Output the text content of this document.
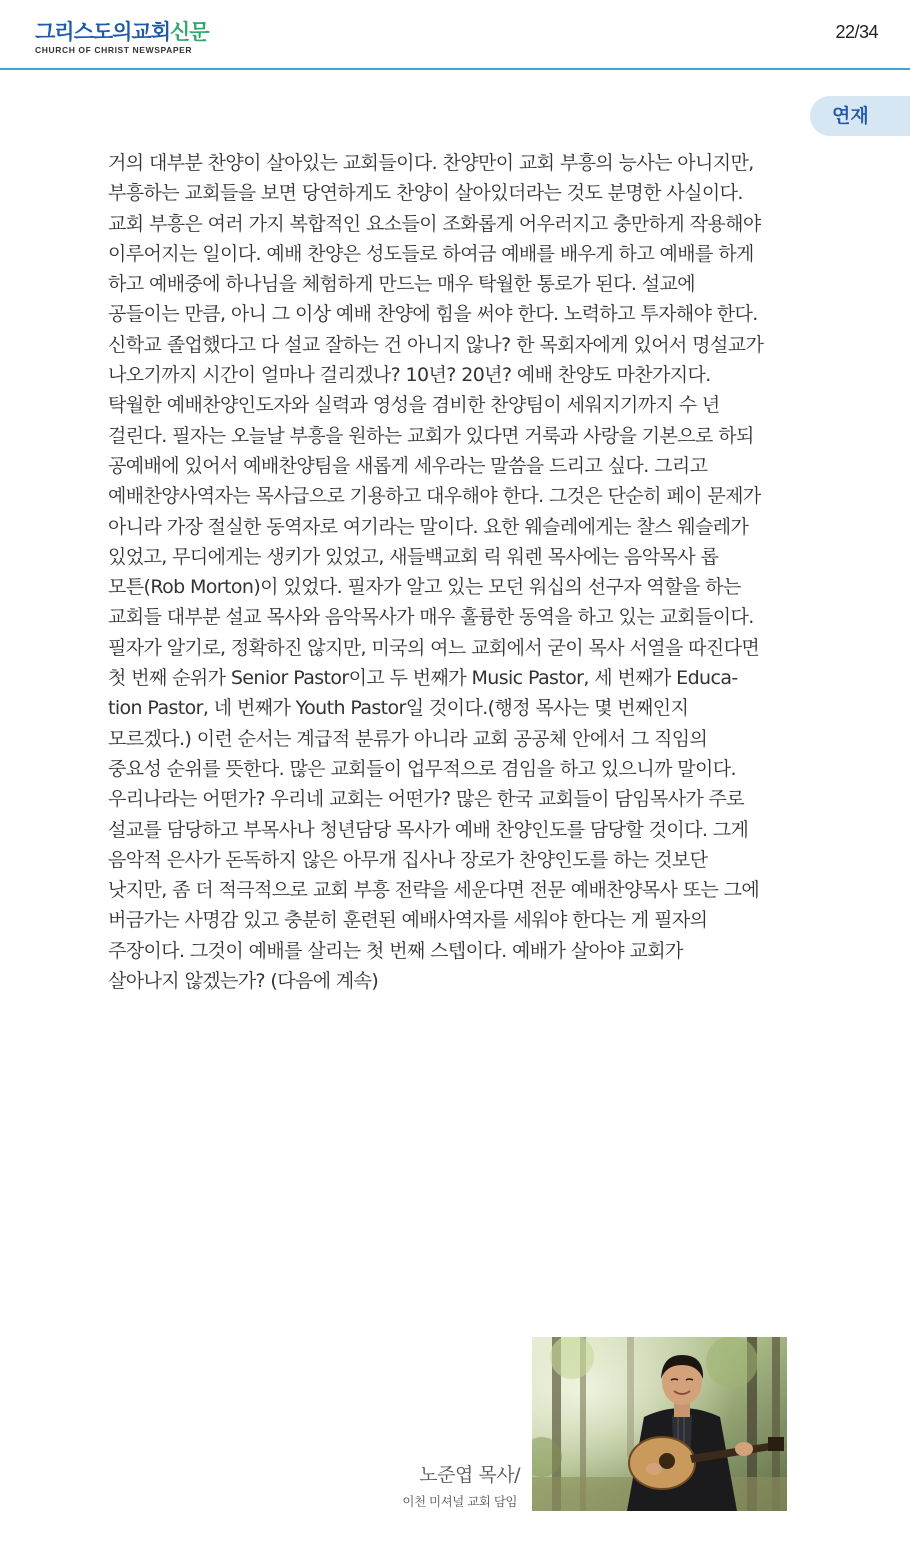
그리스도의교회신문
CHURCH OF CHRIST NEWSPAPER
22/34
연재

거의 대부분 찬양이 살아있는 교회들이다. 찬양만이 교회 부흥의 능사는 아니지만,

부흥하는 교회들을 보면 당연하게도 찬양이 살아있더라는 것도 분명한 사실이다.

교회 부흥은 여러 가지 복합적인 요소들이 조화롭게 어우러지고 충만하게 작용해야

이루어지는 일이다. 예배 찬양은 성도들로 하여금 예배를 배우게 하고 예배를 하게

하고 예배중에 하나님을 체험하게 만드는 매우 탁월한 통로가 된다. 설교에

공들이는 만큼, 아니 그 이상 예배 찬양에 힘을 써야 한다. 노력하고 투자해야 한다.

신학교 졸업했다고 다 설교 잘하는 건 아니지 않나? 한 목회자에게 있어서 명설교가

나오기까지 시간이 얼마나 걸리겠나? 10년? 20년? 예배 찬양도 마찬가지다.

탁월한 예배찬양인도자와 실력과 영성을 겸비한 찬양팀이 세워지기까지 수 년

걸린다. 필자는 오늘날 부흥을 원하는 교회가 있다면 거룩과 사랑을 기본으로 하되

공예배에 있어서 예배찬양팀을 새롭게 세우라는 말씀을 드리고 싶다. 그리고

예배찬양사역자는 목사급으로 기용하고 대우해야 한다. 그것은 단순히 페이 문제가

아니라 가장 절실한 동역자로 여기라는 말이다. 요한 웨슬레에게는 찰스 웨슬레가

있었고, 무디에게는 생키가 있었고, 새들백교회 릭 워렌 목사에는 음악목사 롭

모튼(Rob Morton)이 있었다. 필자가 알고 있는 모던 워십의 선구자 역할을 하는

교회들 대부분 설교 목사와 음악목사가 매우 훌륭한 동역을 하고 있는 교회들이다.

필자가 알기로, 정확하진 않지만, 미국의 여느 교회에서 굳이 목사 서열을 따진다면

첫 번째 순위가 Senior Pastor이고 두 번째가 Music Pastor, 세 번째가 Educa-

tion Pastor, 네 번째가 Youth Pastor일 것이다.(행정 목사는 몇 번째인지

모르겠다.) 이런 순서는 계급적 분류가 아니라 교회 공공체 안에서 그 직임의

중요성 순위를 뜻한다. 많은 교회들이 업무적으로 겸임을 하고 있으니까 말이다.

우리나라는 어떤가? 우리네 교회는 어떤가? 많은 한국 교회들이 담임목사가 주로

설교를 담당하고 부목사나 청년담당 목사가 예배 찬양인도를 담당할 것이다. 그게

음악적 은사가 돈독하지 않은 아무개 집사나 장로가 찬양인도를 하는 것보단

낫지만, 좀 더 적극적으로 교회 부흥 전략을 세운다면 전문 예배찬양목사 또는 그에

버금가는 사명감 있고 충분히 훈련된 예배사역자를 세워야 한다는 게 필자의

주장이다. 그것이 예배를 살리는 첫 번째 스텝이다. 예배가 살아야 교회가

살아나지 않겠는가? (다음에 계속)

노준엽 목사/
이천 미셔널 교회 담임
